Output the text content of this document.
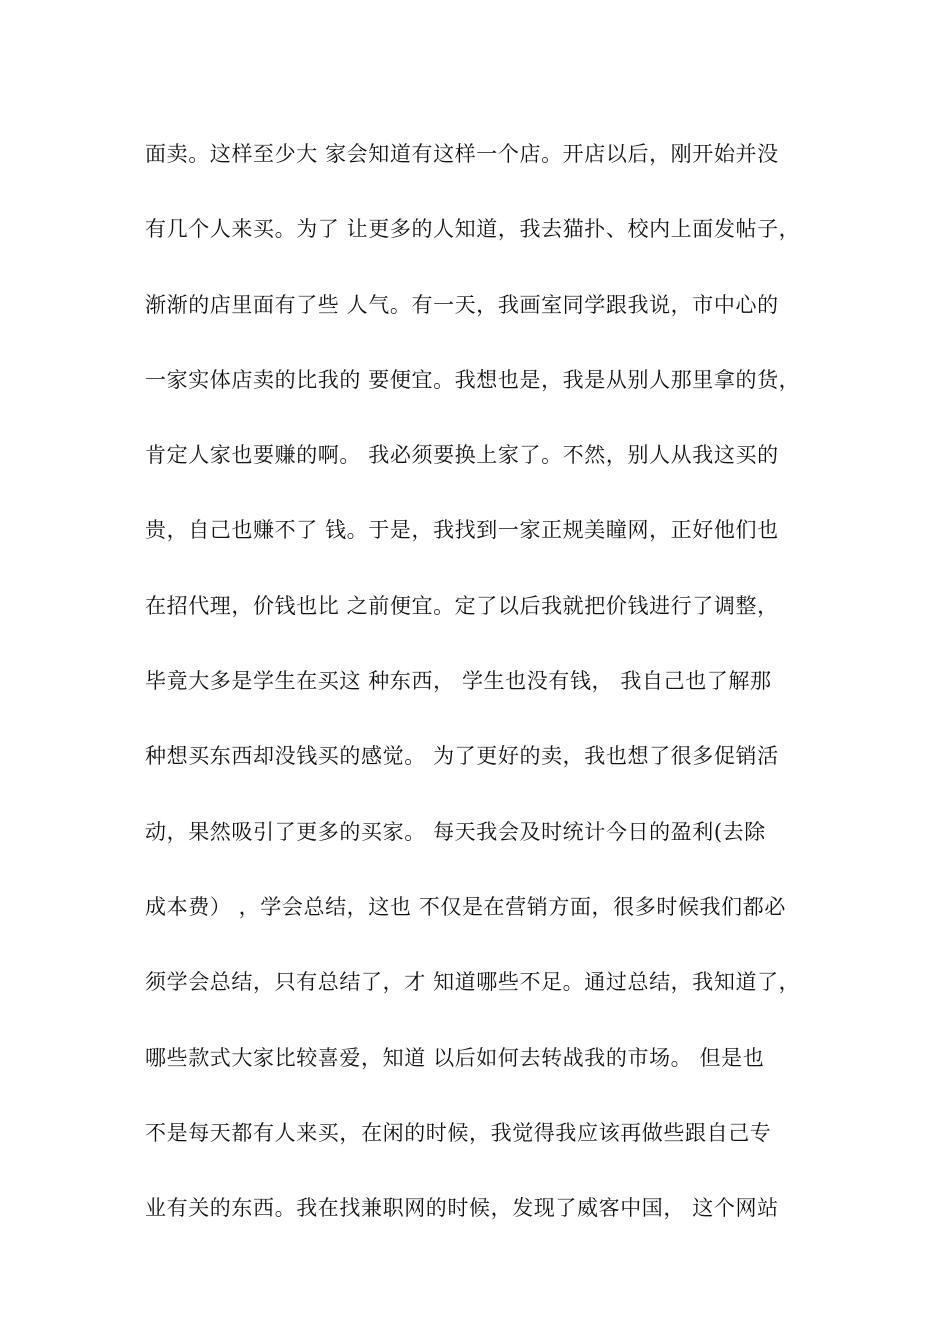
面卖。这样至少大 家会知道有这样一个店。开店以后，刚开始并没
有几个人来买。为了 让更多的人知道，我去猫扑、校内上面发帖子，
渐渐的店里面有了些 人气。有一天，我画室同学跟我说，市中心的
一家实体店卖的比我的 要便宜。我想也是，我是从别人那里拿的货，
肯定人家也要赚的啊。 我必须要换上家了。不然，别人从我这买的
贵，自己也赚不了 钱。于是，我找到一家正规美瞳网，正好他们也
在招代理，价钱也比 之前便宜。定了以后我就把价钱进行了调整，
毕竟大多是学生在买这 种东西， 学生也没有钱， 我自己也了解那
种想买东西却没钱买的感觉。 为了更好的卖，我也想了很多促销活
动，果然吸引了更多的买家。 每天我会及时统计今日的盈利(去除
成本费） ，学会总结，这也 不仅是在营销方面，很多时候我们都必
须学会总结，只有总结了，才 知道哪些不足。通过总结，我知道了，
哪些款式大家比较喜爱，知道 以后如何去转战我的市场。 但是也
不是每天都有人来买，在闲的时候，我觉得我应该再做些跟自己专
业有关的东西。我在找兼职网的时候，发现了威客中国， 这个网站
